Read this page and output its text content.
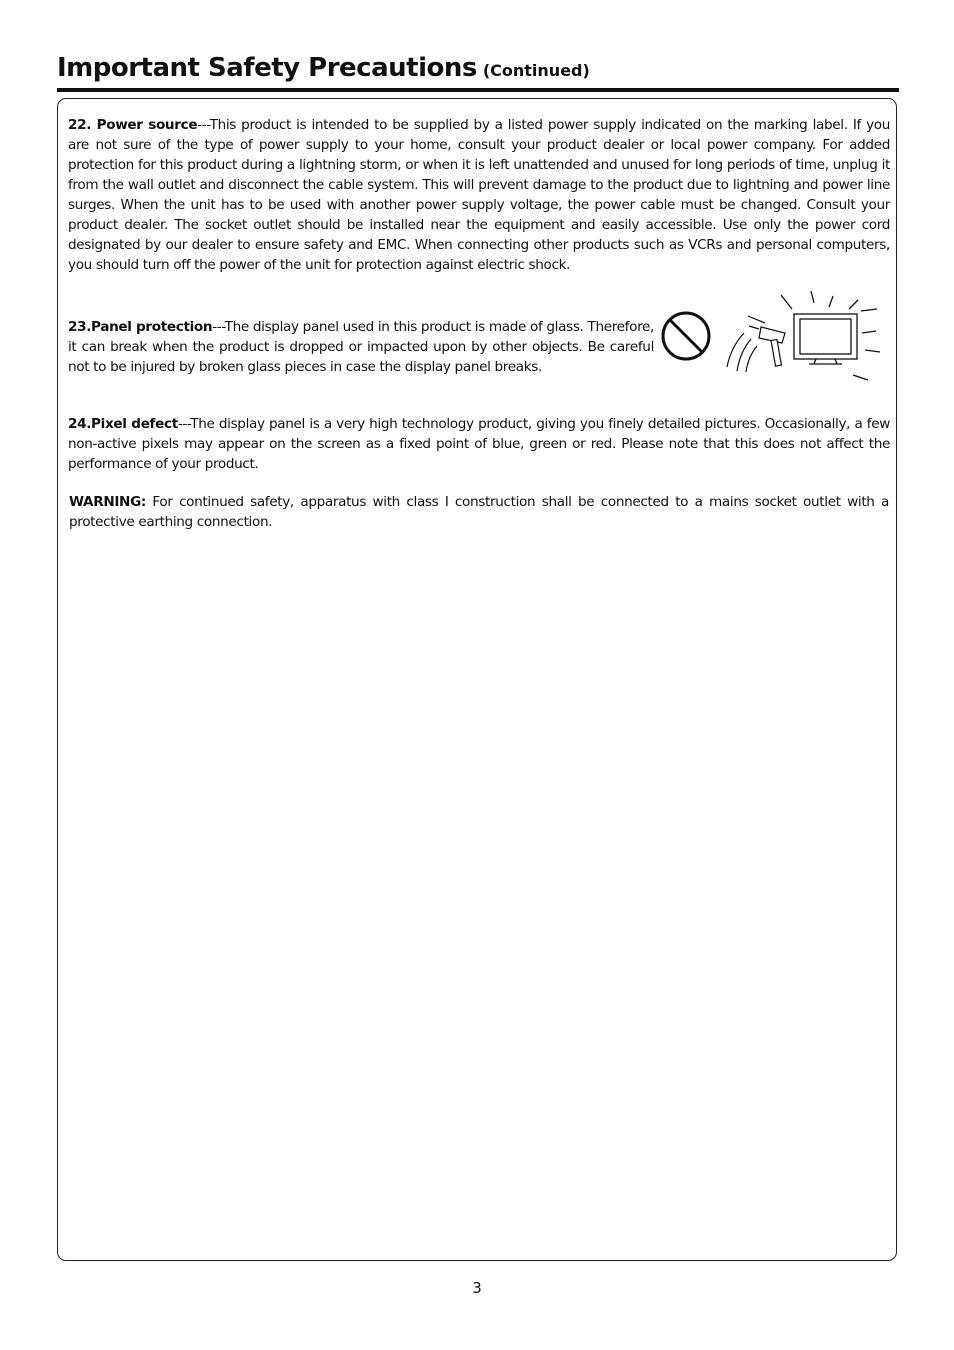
Important Safety Precautions (Continued)
22. Power source---This product is intended to be supplied by a listed power supply indicated on the marking label. If you are not sure of the type of power supply to your home, consult your product dealer or local power company. For added protection for this product during a lightning storm, or when it is left unattended and unused for long periods of time, unplug it from the wall outlet and disconnect the cable system. This will prevent damage to the product due to lightning and power line surges. When the unit has to be used with another power supply voltage, the power cable must be changed. Consult your product dealer. The socket outlet should be installed near the equipment and easily accessible. Use only the power cord designated by our dealer to ensure safety and EMC. When connecting other products such as VCRs and personal computers, you should turn off the power of the unit for protection against electric shock.
23.Panel protection---The display panel used in this product is made of glass. Therefore, it can break when the product is dropped or impacted upon by other objects. Be careful not to be injured by broken glass pieces in case the display panel breaks.
24.Pixel defect---The display panel is a very high technology product, giving you finely detailed pictures. Occasionally, a few non-active pixels may appear on the screen as a fixed point of blue, green or red. Please note that this does not affect the performance of your product.
WARNING: For continued safety, apparatus with class I construction shall be connected to a mains socket outlet with a protective earthing connection.
3
